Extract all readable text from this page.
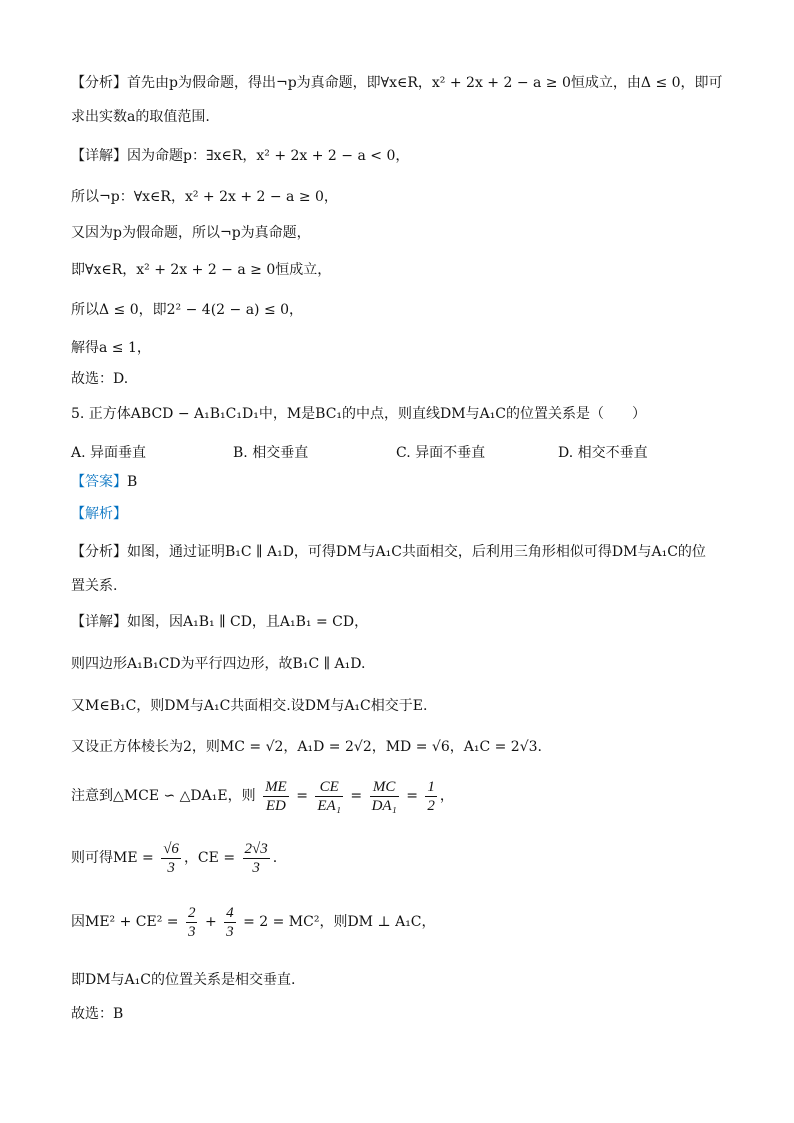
【分析】首先由p为假命题，得出¬p为真命题，即∀x∈R，x² + 2x + 2 − a ≥ 0恒成立，由Δ ≤ 0，即可
求出实数a的取值范围.
【详解】因为命题p：∃x∈R，x² + 2x + 2 − a < 0，
所以¬p：∀x∈R，x² + 2x + 2 − a ≥ 0，
又因为p为假命题，所以¬p为真命题，
即∀x∈R，x² + 2x + 2 − a ≥ 0恒成立，
所以Δ ≤ 0，即2² − 4(2 − a) ≤ 0，
解得a ≤ 1，
故选：D.
5. 正方体ABCD − A₁B₁C₁D₁中，M是BC₁的中点，则直线DM与A₁C的位置关系是（　　）
A. 异面垂直	B. 相交垂直	C. 异面不垂直	D. 相交不垂直
【答案】B
【解析】
【分析】如图，通过证明B₁C ∥ A₁D，可得DM与A₁C共面相交，后利用三角形相似可得DM与A₁C的位
置关系.
【详解】如图，因A₁B₁ ∥ CD，且A₁B₁ = CD，
则四边形A₁B₁CD为平行四边形，故B₁C ∥ A₁D.
又M∈B₁C，则DM与A₁C共面相交.设DM与A₁C相交于E.
又设正方体棱长为2，则MC = √2，A₁D = 2√2，MD = √6，A₁C = 2√3.
注意到△MCE ∽ △DA₁E，则 $\frac{ME}{ED} = \frac{CE}{\text{EA₁}} = \frac{MC}{\text{DA₁}} = \frac{1}{2}$ ，
则可得ME = $\frac{√6}{3}$ ，CE = $\frac{2√3}{3}$ .
因$ME^2 + CE^2 = \frac{2}{3} + \frac{4}{3} = 2 = MC^2$，则DM ⊥ A₁C，
即DM与A₁C的位置关系是相交垂直.
故选：B
